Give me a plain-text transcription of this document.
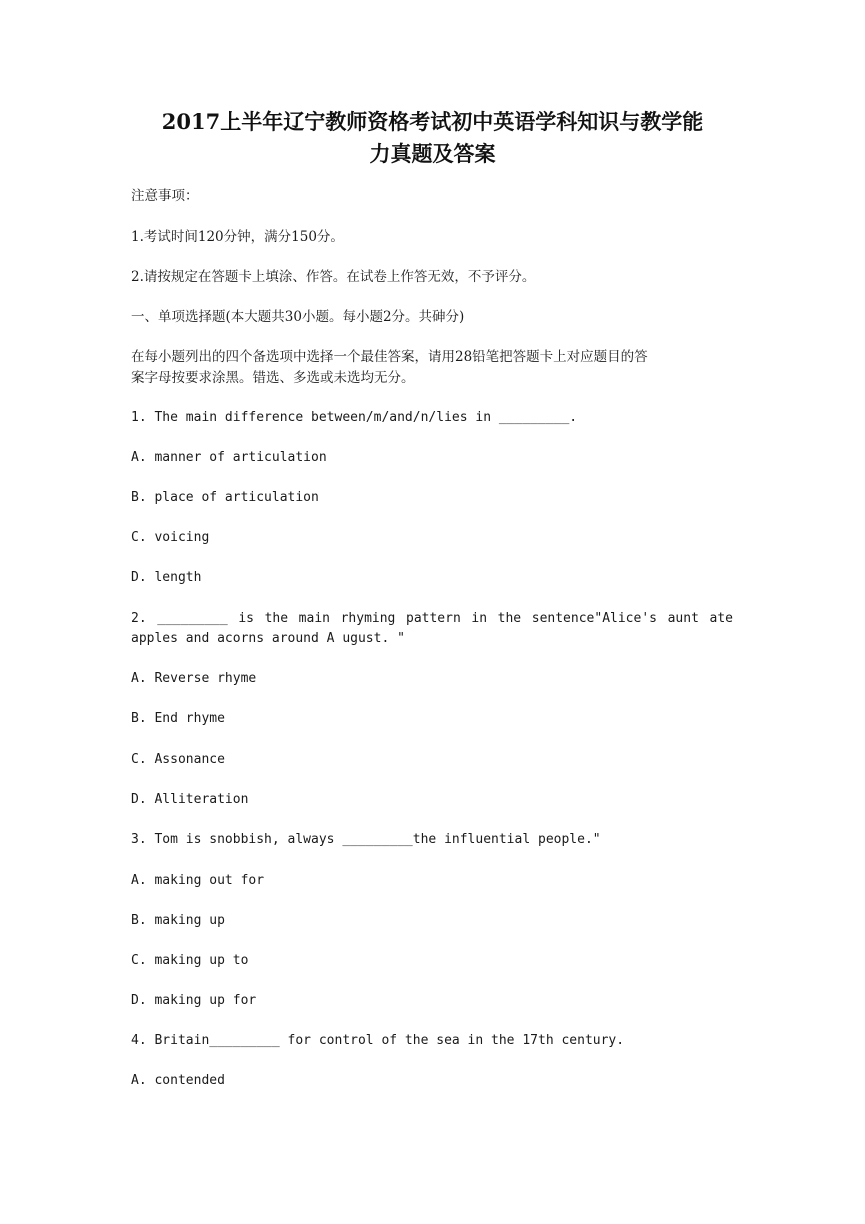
2017上半年辽宁教师资格考试初中英语学科知识与教学能
力真题及答案
注意事项：
1.考试时间120分钟，满分150分。
2.请按规定在答题卡上填涂、作答。在试卷上作答无效，不予评分。
一、单项选择题(本大题共30小题。每小题2分。共砷分)
在每小题列出的四个备选项中选择一个最佳答案，请用28铅笔把答题卡上对应题目的答
案字母按要求涂黑。错选、多选或未选均无分。
1. The main difference between/m/and/n/lies in _________.
A. manner of articulation
B. place of articulation
C. voicing
D. length
2. _________ is the main rhyming pattern in the sentence"Alice's aunt ate
apples and acorns around A ugust. "
A. Reverse rhyme
B. End rhyme
C. Assonance
D. Alliteration
3. Tom is snobbish, always _________the influential people."
A. making out for
B. making up
C. making up to
D. making up for
4. Britain_________ for control of the sea in the 17th century.
A. contended
